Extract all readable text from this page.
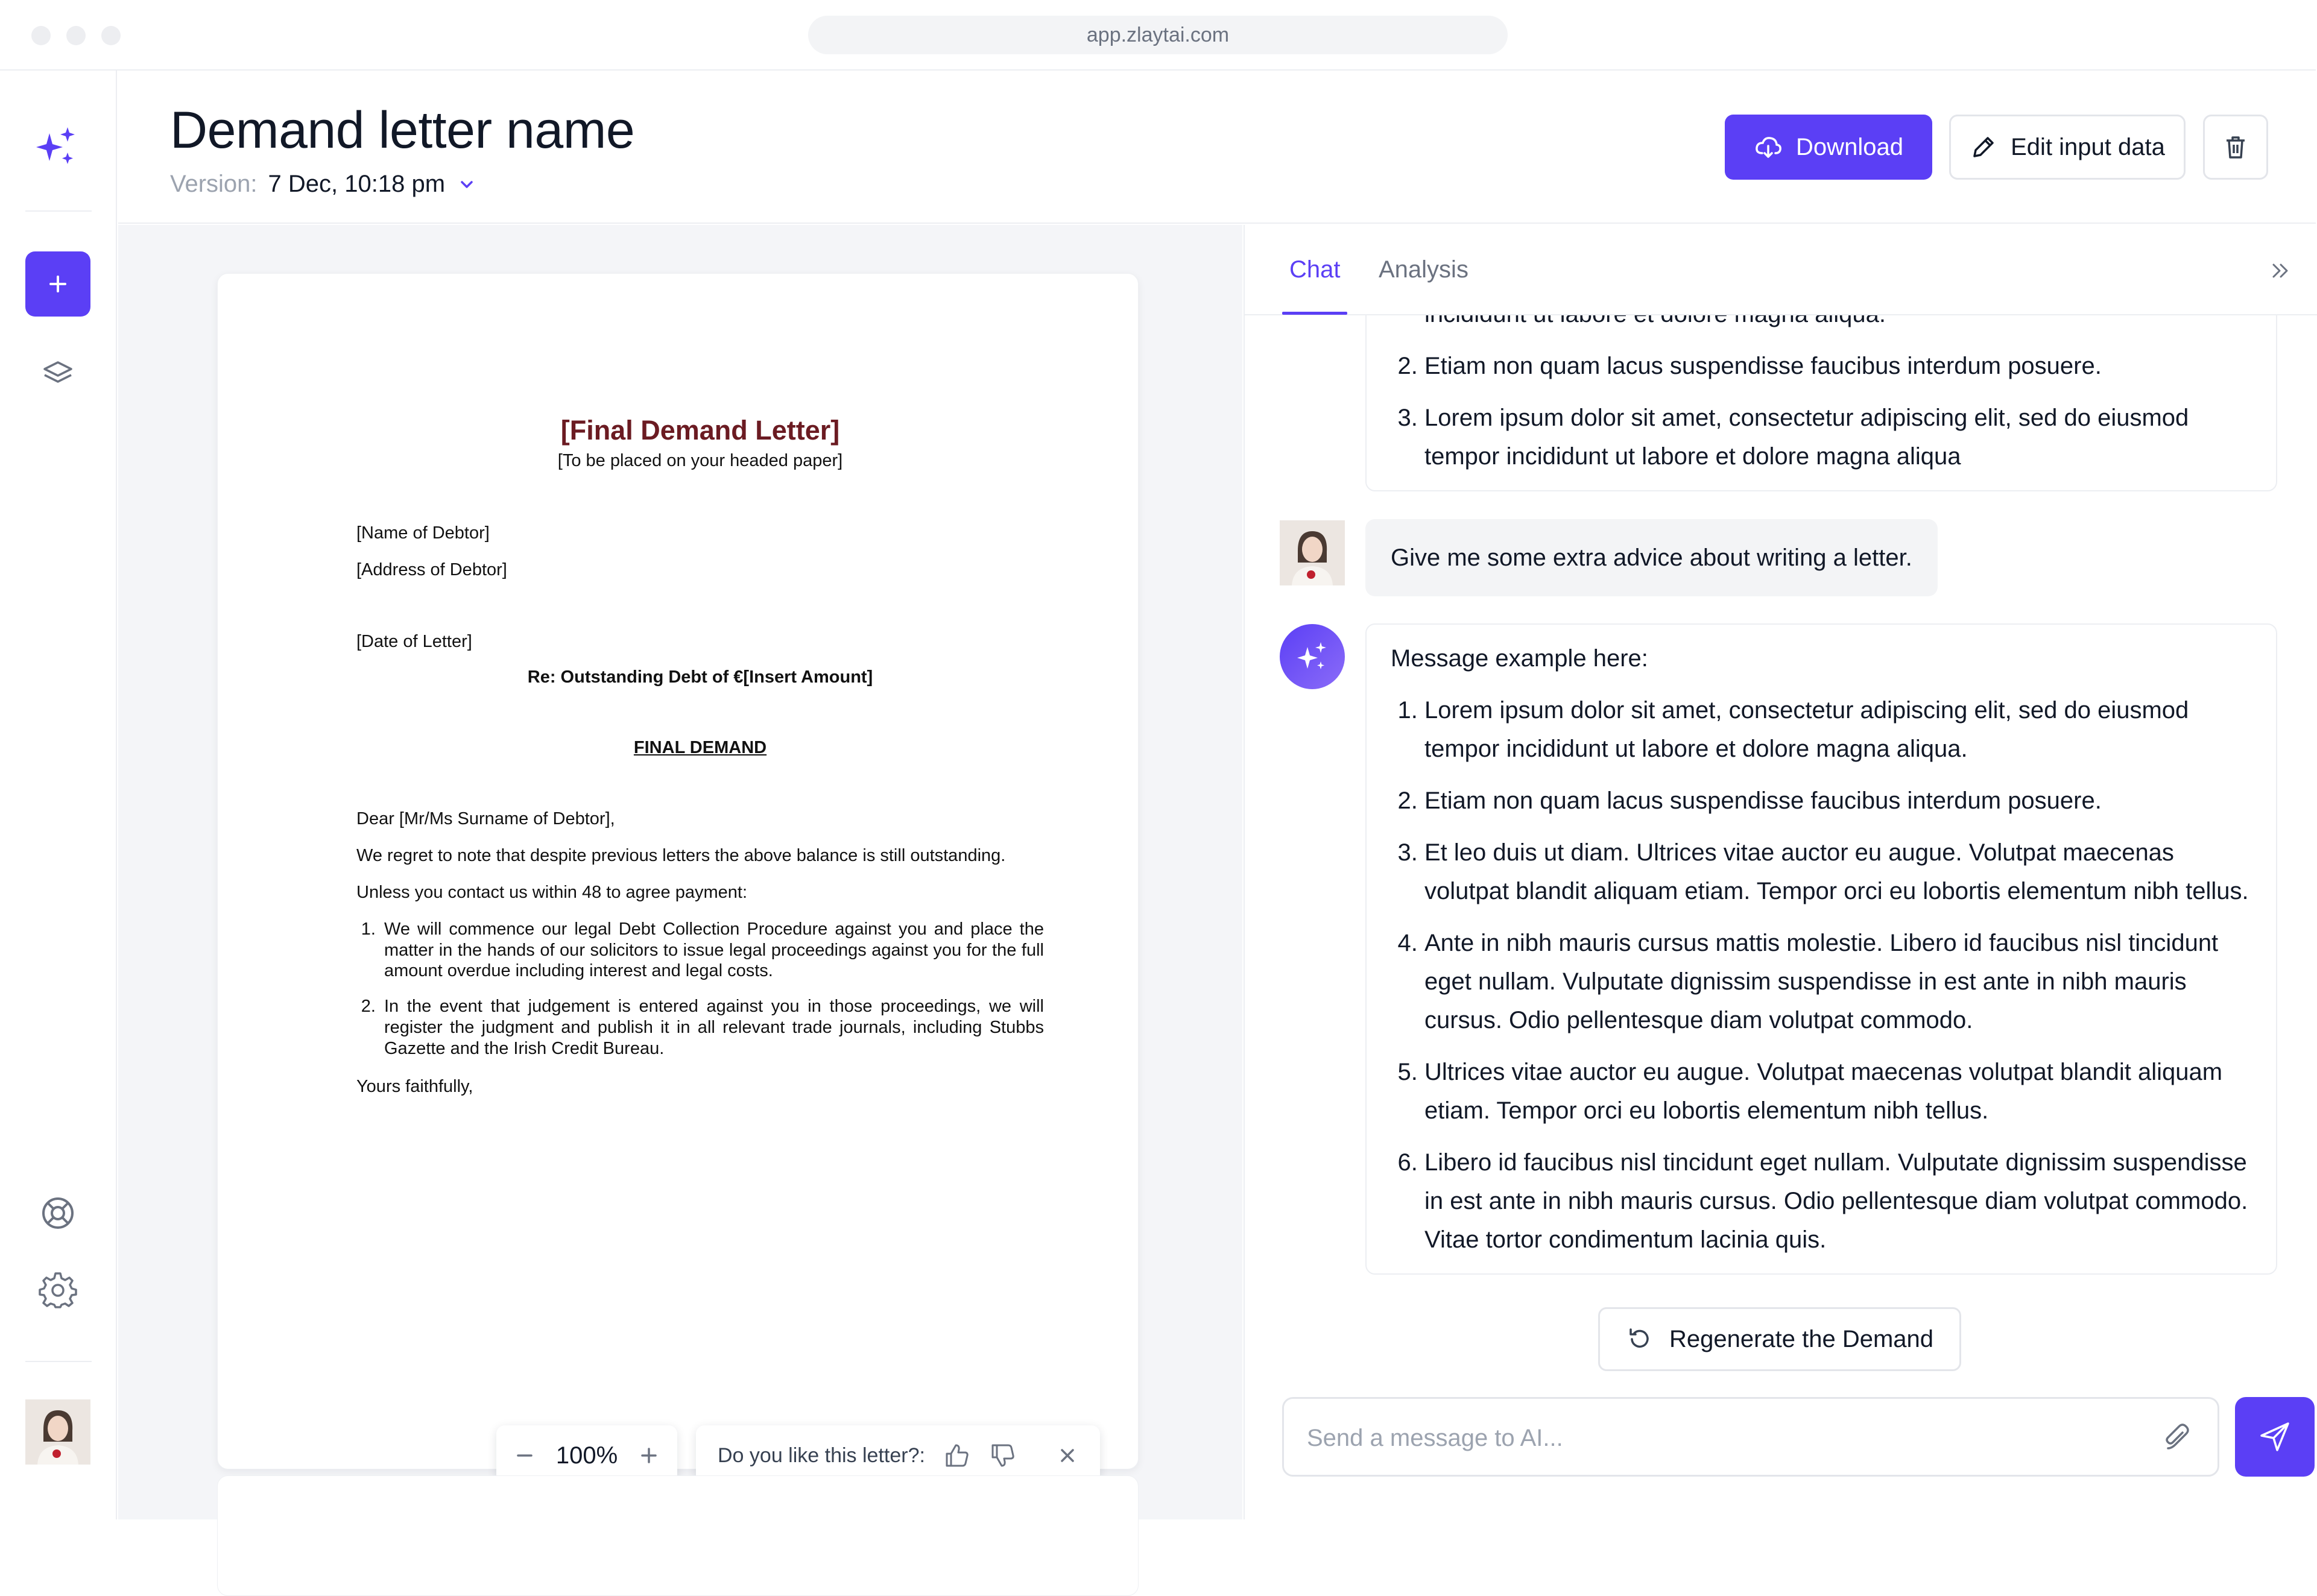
app.zlaytai.com
Demand letter name
Version: 7 Dec, 10:18 pm
Download	Edit input data
[Final Demand Letter]
[To be placed on your headed paper]
[Name of Debtor]
[Address of Debtor]
[Date of Letter]
Re: Outstanding Debt of €[Insert Amount]
FINAL DEMAND
Dear [Mr/Ms Surname of Debtor],
We regret to note that despite previous letters the above balance is still outstanding.
Unless you contact us within 48 to agree payment:
1. We will commence our legal Debt Collection Procedure against you and place the matter in the hands of our solicitors to issue legal proceedings against you for the full amount overdue including interest and legal costs.
2. In the event that judgement is entered against you in those proceedings, we will register the judgment and publish it in all relevant trade journals, including Stubbs Gazette and the Irish Credit Bureau.
Yours faithfully,
100%	Do you like this letter?:
Chat Analysis
2. Etiam non quam lacus suspendisse faucibus interdum posuere.
3. Lorem ipsum dolor sit amet, consectetur adipiscing elit, sed do eiusmod tempor incididunt ut labore et dolore magna aliqua
Give me some extra advice about writing a letter.
Message example here:
1. Lorem ipsum dolor sit amet, consectetur adipiscing elit, sed do eiusmod tempor incididunt ut labore et dolore magna aliqua.
2. Etiam non quam lacus suspendisse faucibus interdum posuere.
3. Et leo duis ut diam. Ultrices vitae auctor eu augue. Volutpat maecenas volutpat blandit aliquam etiam. Tempor orci eu lobortis elementum nibh tellus.
4. Ante in nibh mauris cursus mattis molestie. Libero id faucibus nisl tincidunt eget nullam. Vulputate dignissim suspendisse in est ante in nibh mauris cursus. Odio pellentesque diam volutpat commodo.
5. Ultrices vitae auctor eu augue. Volutpat maecenas volutpat blandit aliquam etiam. Tempor orci eu lobortis elementum nibh tellus.
6. Libero id faucibus nisl tincidunt eget nullam. Vulputate dignissim suspendisse in est ante in nibh mauris cursus. Odio pellentesque diam volutpat commodo. Vitae tortor condimentum lacinia quis.
Regenerate the Demand
Send a message to AI...
